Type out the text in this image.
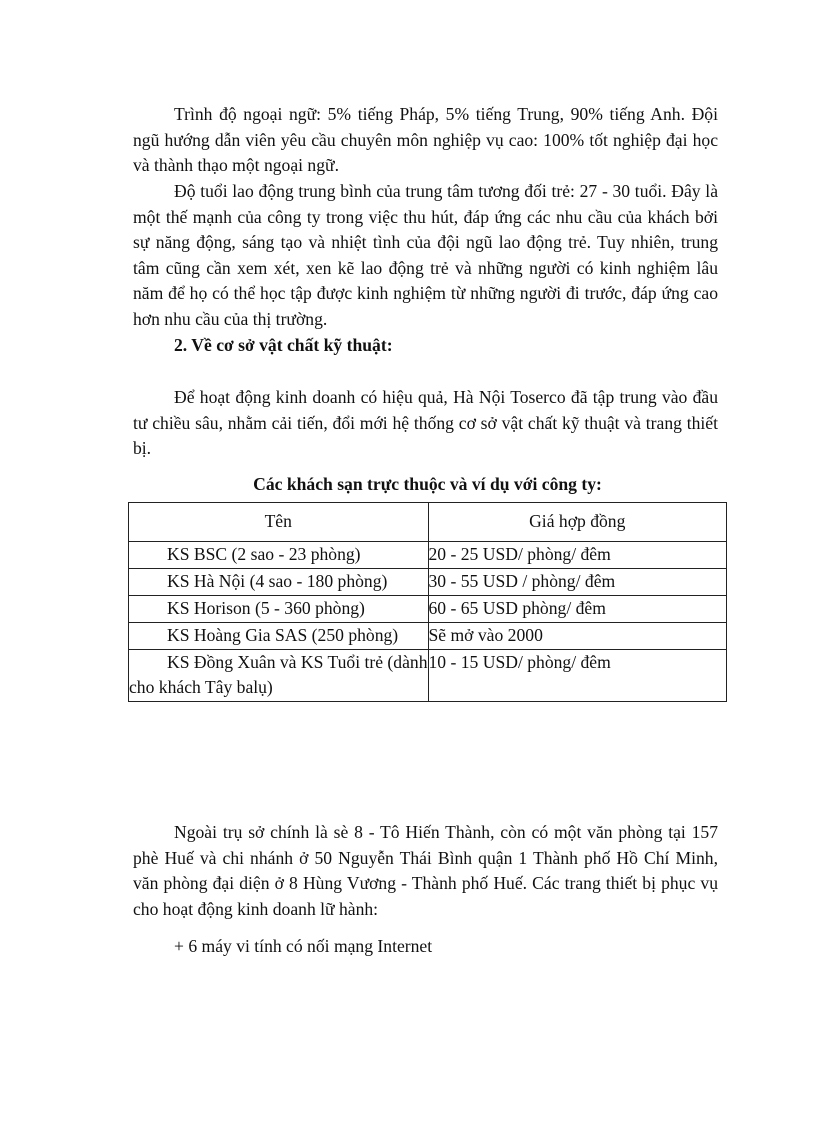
Trình độ ngoại ngữ: 5% tiếng Pháp, 5% tiếng Trung, 90% tiếng Anh. Đội ngũ hướng dẫn viên yêu cầu chuyên môn nghiệp vụ cao: 100% tốt nghiệp đại học và thành thạo một ngoại ngữ.

Độ tuổi lao động trung bình của trung tâm tương đối trẻ: 27 - 30 tuổi. Đây là một thế mạnh của công ty trong việc thu hút, đáp ứng các nhu cầu của khách bởi sự năng động, sáng tạo và nhiệt tình của đội ngũ lao động trẻ. Tuy nhiên, trung tâm cũng cần xem xét, xen kẽ lao động trẻ và những người có kinh nghiệm lâu năm để họ có thể học tập được kinh nghiệm từ những người đi trước, đáp ứng cao hơn nhu cầu của thị trường.

2. Về cơ sở vật chất kỹ thuật:

Để hoạt động kinh doanh có hiệu quả, Hà Nội Toserco đã tập trung vào đầu tư chiều sâu, nhằm cải tiến, đổi mới hệ thống cơ sở vật chất kỹ thuật và trang thiết bị.

Các khách sạn trực thuộc và ví dụ với công ty:

Tên	Giá hợp đồng
KS BSC (2 sao - 23 phòng)	20 - 25 USD/ phòng/ đêm
KS Hà Nội (4 sao - 180 phòng)	30 - 55 USD / phòng/ đêm
KS Horison (5 - 360 phòng)	60 - 65 USD phòng/ đêm
KS Hoàng Gia SAS (250 phòng)	Sẽ mở vào 2000
KS Đồng Xuân và KS Tuổi trẻ (dành cho khách Tây balụ)	10 - 15 USD/ phòng/ đêm

Ngoài trụ sở chính là sè 8 - Tô Hiến Thành, còn có một văn phòng tại 157 phè Huế và chi nhánh ở 50 Nguyễn Thái Bình quận 1 Thành phố Hồ Chí Minh, văn phòng đại diện ở 8 Hùng Vương - Thành phố Huế. Các trang thiết bị phục vụ cho hoạt động kinh doanh lữ hành:

+ 6 máy vi tính có nối mạng Internet
